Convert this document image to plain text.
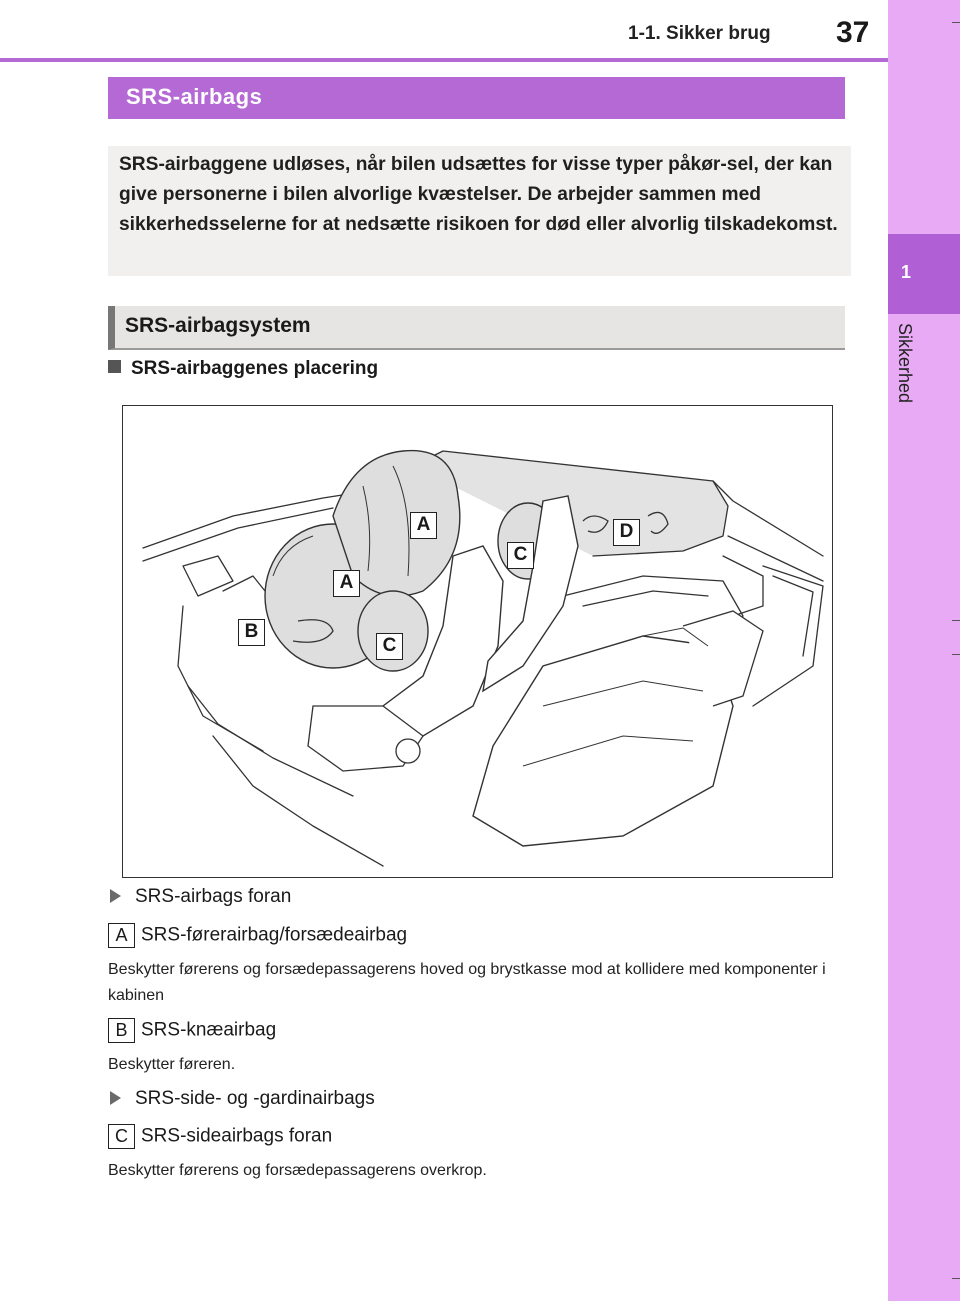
1-1. Sikker brug 37
1
Sikkerhed
SRS-airbags

SRS-airbaggene udløses, når bilen udsættes for visse typer påkør-sel, der kan give personerne i bilen alvorlige kvæstelser. De arbejder sammen med sikkerhedsselerne for at nedsætte risikoen for død eller alvorlig tilskadekomst.

SRS-airbagsystem
SRS-airbaggenes placering
A
A
B
C
C
D
SRS-airbags foran
A SRS-førerairbag/forsædeairbag

Beskytter førerens og forsædepassagerens hoved og brystkasse mod at kollidere med komponenter i kabinen

B SRS-knæairbag

Beskytter føreren.

SRS-side- og -gardinairbags
C SRS-sideairbags foran

Beskytter førerens og forsædepassagerens overkrop.
